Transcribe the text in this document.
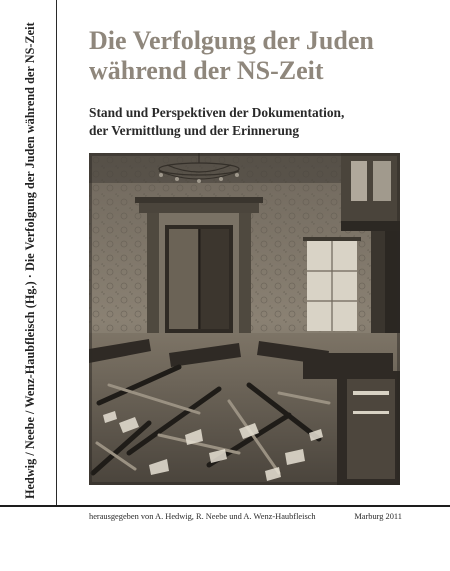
Hedwig / Neebe / Wenz-Haubfleisch (Hg.) · Die Verfolgung der Juden während der NS-Zeit Die Verfolgung der Juden
während der NS-Zeit
Stand und Perspektiven der Dokumentation,
der Vermittlung und der Erinnerung
herausgegeben von A. Hedwig, R. Neebe und A. Wenz-Haubfleisch	Marburg 2011
